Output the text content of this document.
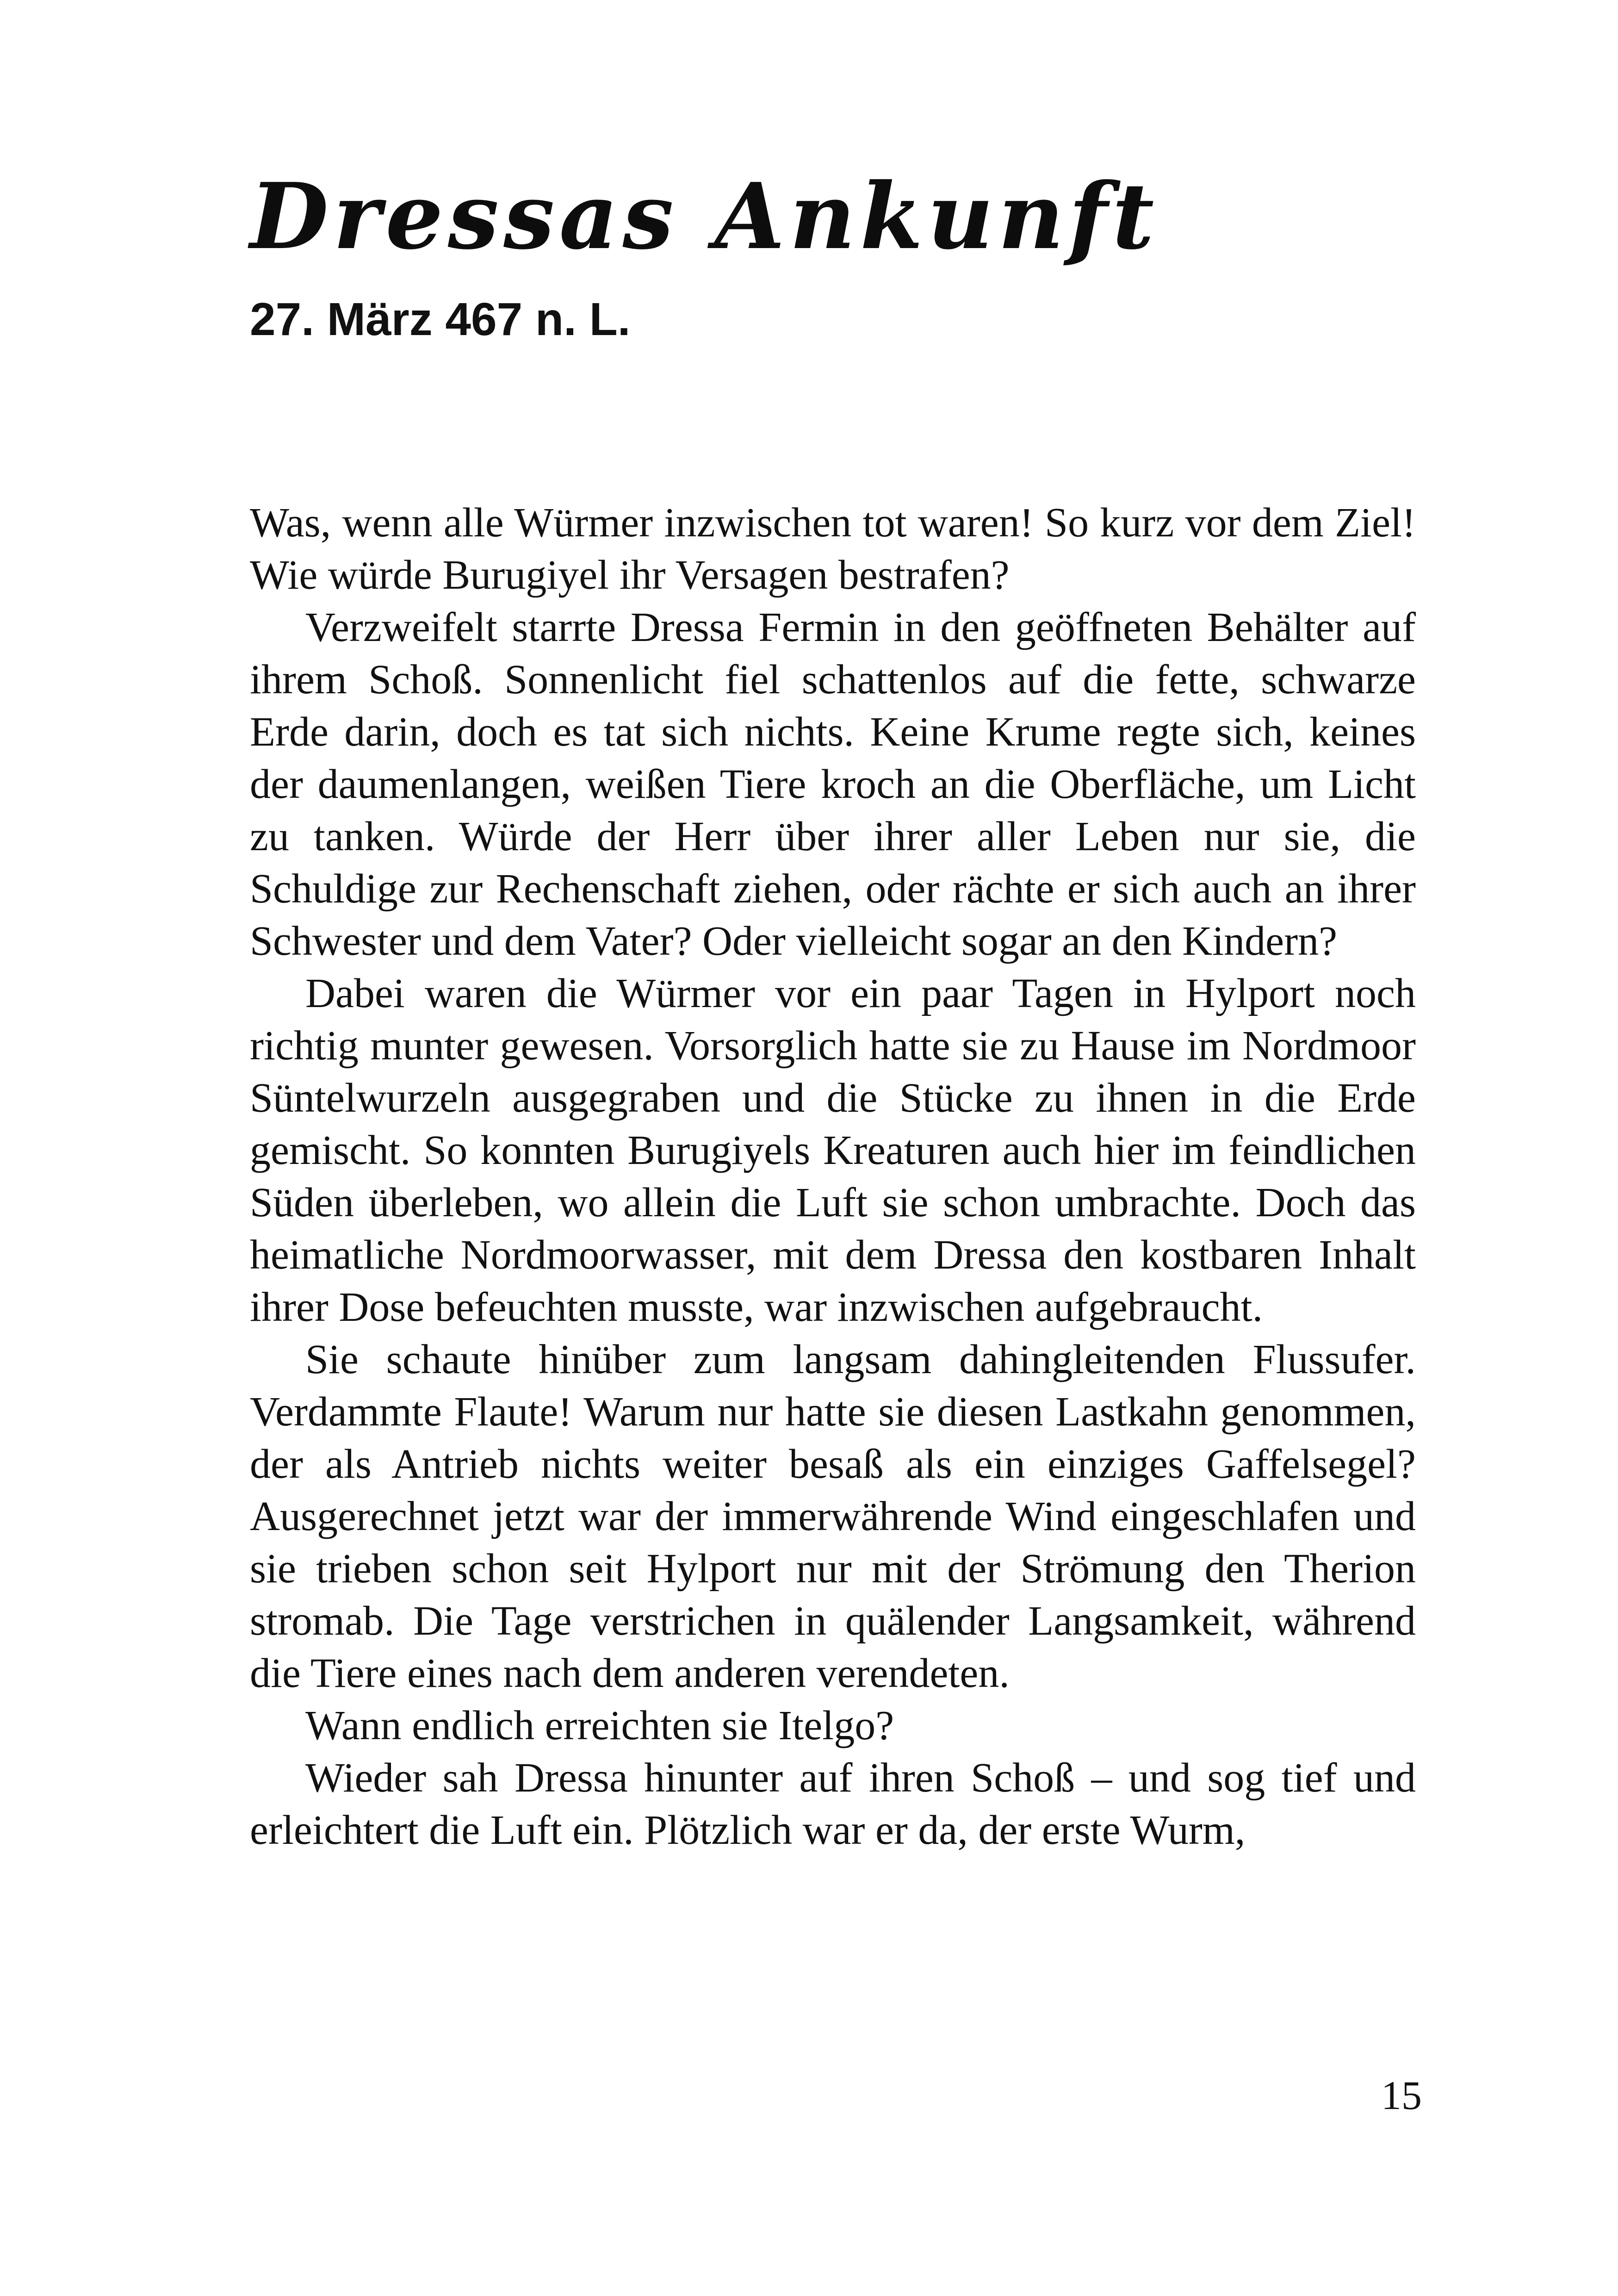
Dressas Ankunft
27. März 467 n. L.

Was, wenn alle Würmer inzwischen tot waren! So kurz vor dem Ziel! Wie würde Burugiyel ihr Versagen bestrafen?

Verzweifelt starrte Dressa Fermin in den geöffneten Behälter auf ihrem Schoß. Sonnenlicht fiel schattenlos auf die fette, schwarze Erde darin, doch es tat sich nichts. Keine Krume regte sich, keines der daumenlangen, weißen Tiere kroch an die Oberfläche, um Licht zu tanken. Würde der Herr über ihrer aller Leben nur sie, die Schuldige zur Rechenschaft ziehen, oder rächte er sich auch an ihrer Schwester und dem Vater? Oder vielleicht sogar an den Kindern?

Dabei waren die Würmer vor ein paar Tagen in Hylport noch richtig munter gewesen. Vorsorglich hatte sie zu Hause im Nordmoor Süntelwurzeln ausgegraben und die Stücke zu ihnen in die Erde gemischt. So konnten Burugiyels Kreaturen auch hier im feindlichen Süden überleben, wo allein die Luft sie schon umbrachte. Doch das heimatliche Nordmoorwasser, mit dem Dressa den kostbaren Inhalt ihrer Dose befeuchten musste, war inzwischen aufgebraucht.

Sie schaute hinüber zum langsam dahingleitenden Flussufer. Verdammte Flaute! Warum nur hatte sie diesen Lastkahn genommen, der als Antrieb nichts weiter besaß als ein einziges Gaffelsegel? Ausgerechnet jetzt war der immerwährende Wind eingeschlafen und sie trieben schon seit Hylport nur mit der Strömung den Therion stromab. Die Tage verstrichen in quälender Langsamkeit, während die Tiere eines nach dem anderen verendeten.

Wann endlich erreichten sie Itelgo?

Wieder sah Dressa hinunter auf ihren Schoß – und sog tief und erleichtert die Luft ein. Plötzlich war er da, der erste Wurm,

15
